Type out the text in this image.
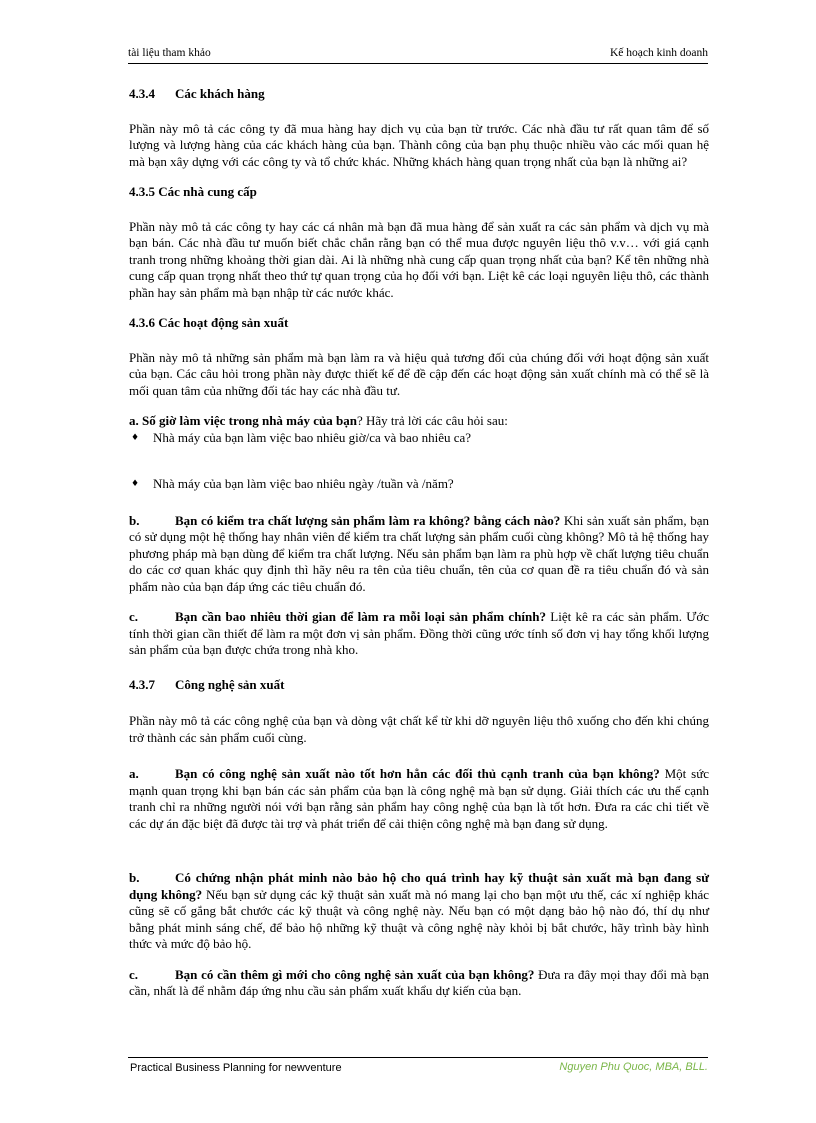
tài liệu tham khảo	Kế hoạch kinh doanh
4.3.4 Các khách hàng

Phần này mô tả các công ty đã mua hàng hay dịch vụ của bạn từ trước. Các nhà đầu tư rất quan tâm để số lượng và lượng hàng của các khách hàng của bạn. Thành công của bạn phụ thuộc nhiều vào các mối quan hệ mà bạn xây dựng với các công ty và tổ chức khác. Những khách hàng quan trọng nhất của bạn là những ai?

4.3.5 Các nhà cung cấp

Phần này mô tả các công ty hay các cá nhân mà bạn đã mua hàng để sản xuất ra các sản phẩm và dịch vụ mà bạn bán. Các nhà đầu tư muốn biết chắc chắn rằng bạn có thể mua được nguyên liệu thô v.v… với giá cạnh tranh trong những khoảng thời gian dài. Ai là những nhà cung cấp quan trọng nhất của bạn? Kể tên những nhà cung cấp quan trọng nhất theo thứ tự quan trọng của họ đối với bạn. Liệt kê các loại nguyên liệu thô, các thành phần hay sản phẩm mà bạn nhập từ các nước khác.

4.3.6 Các hoạt động sản xuất

Phần này mô tả những sản phẩm mà bạn làm ra và hiệu quả tương đối của chúng đối với hoạt động sản xuất của bạn. Các câu hỏi trong phần này được thiết kế để đề cập đến các hoạt động sản xuất chính mà có thể sẽ là mối quan tâm của những đối tác hay các nhà đầu tư.

a. Số giờ làm việc trong nhà máy của bạn? Hãy trả lời các câu hỏi sau:

♦ Nhà máy của bạn làm việc bao nhiêu giờ/ca và bao nhiêu ca?

♦ Nhà máy của bạn làm việc bao nhiêu ngày /tuần và /năm?

b.	Bạn có kiểm tra chất lượng sản phẩm làm ra không? bằng cách nào? Khi sản xuất sản phẩm, bạn có sử dụng một hệ thống hay nhân viên để kiểm tra chất lượng sản phẩm cuối cùng không? Mô tả hệ thống hay phương pháp mà bạn dùng để kiểm tra chất lượng. Nếu sản phẩm bạn làm ra phù hợp về chất lượng tiêu chuẩn do các cơ quan khác quy định thì hãy nêu ra tên của tiêu chuẩn, tên của cơ quan đề ra tiêu chuẩn đó và sản phẩm nào của bạn đáp ứng các tiêu chuẩn đó.

c.	Bạn cần bao nhiêu thời gian để làm ra mỗi loại sản phẩm chính? Liệt kê ra các sản phẩm. Ước tính thời gian cần thiết để làm ra một đơn vị sản phẩm. Đồng thời cũng ước tính số đơn vị hay tổng khối lượng sản phẩm của bạn được chứa trong nhà kho.

4.3.7 Công nghệ sản xuất

Phần này mô tả các công nghệ của bạn và dòng vật chất kể từ khi dỡ nguyên liệu thô xuống cho đến khi chúng trở thành các sản phẩm cuối cùng.

a.	Bạn có công nghệ sản xuất nào tốt hơn hẳn các đối thủ cạnh tranh của bạn không? Một sức mạnh quan trọng khi bạn bán các sản phẩm của bạn là công nghệ mà bạn sử dụng. Giải thích các ưu thế cạnh tranh chỉ ra những người nói với bạn rằng sản phẩm hay công nghệ của bạn là tốt hơn. Đưa ra các chi tiết về các dự án đặc biệt đã được tài trợ và phát triển để cải thiện công nghệ mà bạn đang sử dụng.

b.	Có chứng nhận phát minh nào bảo hộ cho quá trình hay kỹ thuật sản xuất mà bạn đang sử dụng không? Nếu bạn sử dụng các kỹ thuật sản xuất mà nó mang lại cho bạn một ưu thế, các xí nghiệp khác cũng sẽ cố gắng bắt chước các kỹ thuật và công nghệ này. Nếu bạn có một dạng bảo hộ nào đó, thí dụ như bằng phát minh sáng chế, để bảo hộ những kỹ thuật và công nghệ này khỏi bị bắt chước, hãy trình bày hình thức và mức độ bảo hộ.

c.	Bạn có cần thêm gì mới cho công nghệ sản xuất của bạn không? Đưa ra đây mọi thay đổi mà bạn cần, nhất là để nhằm đáp ứng nhu cầu sản phẩm xuất khẩu dự kiến của bạn.

Practical Business Planning for newventure	Nguyen Phu Quoc, MBA, BLL.
